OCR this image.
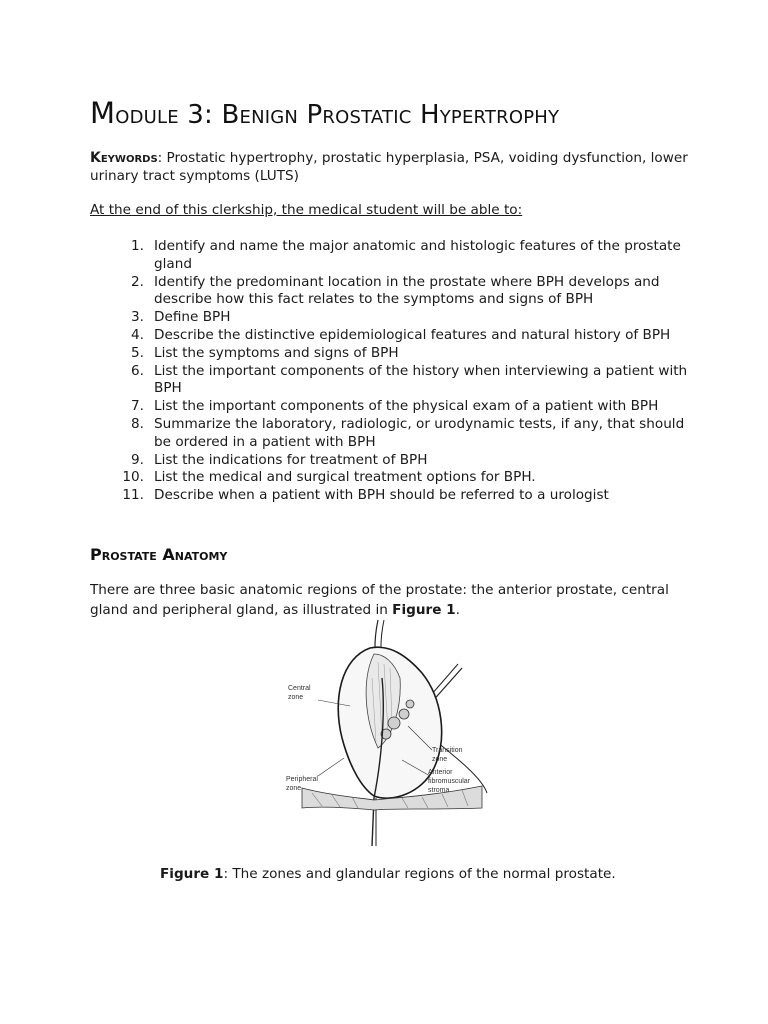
Module 3: Benign Prostatic Hypertrophy

Keywords: Prostatic hypertrophy, prostatic hyperplasia, PSA, voiding dysfunction, lower urinary tract symptoms (LUTS)

At the end of this clerkship, the medical student will be able to:

1. Identify and name the major anatomic and histologic features of the prostate gland
2. Identify the predominant location in the prostate where BPH develops and describe how this fact relates to the symptoms and signs of BPH
3. Define BPH
4. Describe the distinctive epidemiological features and natural history of BPH
5. List the symptoms and signs of BPH
6. List the important components of the history when interviewing a patient with BPH
7. List the important components of the physical exam of a patient with BPH
8. Summarize the laboratory, radiologic, or urodynamic tests, if any, that should be ordered in a patient with BPH
9. List the indications for treatment of BPH
10. List the medical and surgical treatment options for BPH.
11. Describe when a patient with BPH should be referred to a urologist
Prostate Anatomy

There are three basic anatomic regions of the prostate: the anterior prostate, central gland and peripheral gland, as illustrated in Figure 1.

Central
zone
Peripheral
zone
Transition
zone
Anterior
fibromuscular
stroma

Figure 1: The zones and glandular regions of the normal prostate.
